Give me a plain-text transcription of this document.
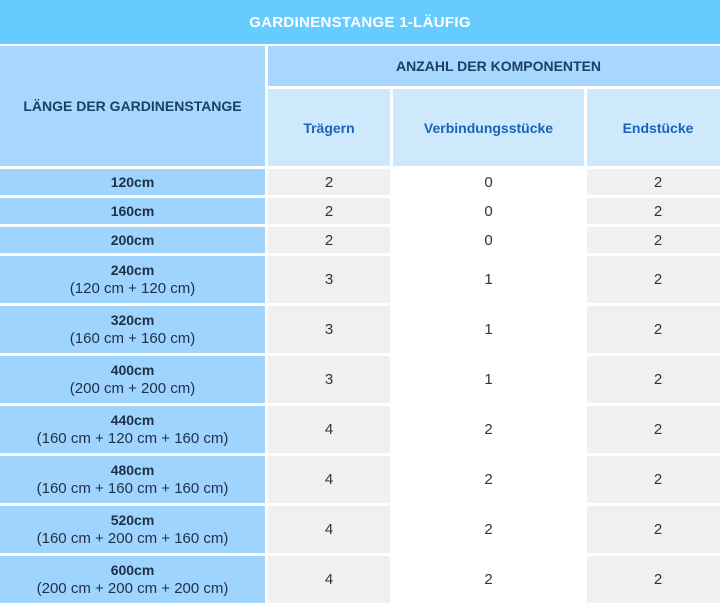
GARDINENSTANGE 1-LÄUFIG
LÄNGE DER GARDINENSTANGE	ANZAHL DER KOMPONENTEN		
	Trägern	Verbindungsstücke	Endstücke

120cm	2	0	2

160cm	2	0	2

200cm	2	0	2

240cm
(120 cm + 120 cm)	3	1	2

320cm
(160 cm + 160 cm)	3	1	2

400cm
(200 cm + 200 cm)	3	1	2

440cm
(160 cm + 120 cm + 160 cm)	4	2	2

480cm
(160 cm + 160 cm + 160 cm)	4	2	2

520cm
(160 cm + 200 cm + 160 cm)	4	2	2

600cm
(200 cm + 200 cm + 200 cm)	4	2	2
